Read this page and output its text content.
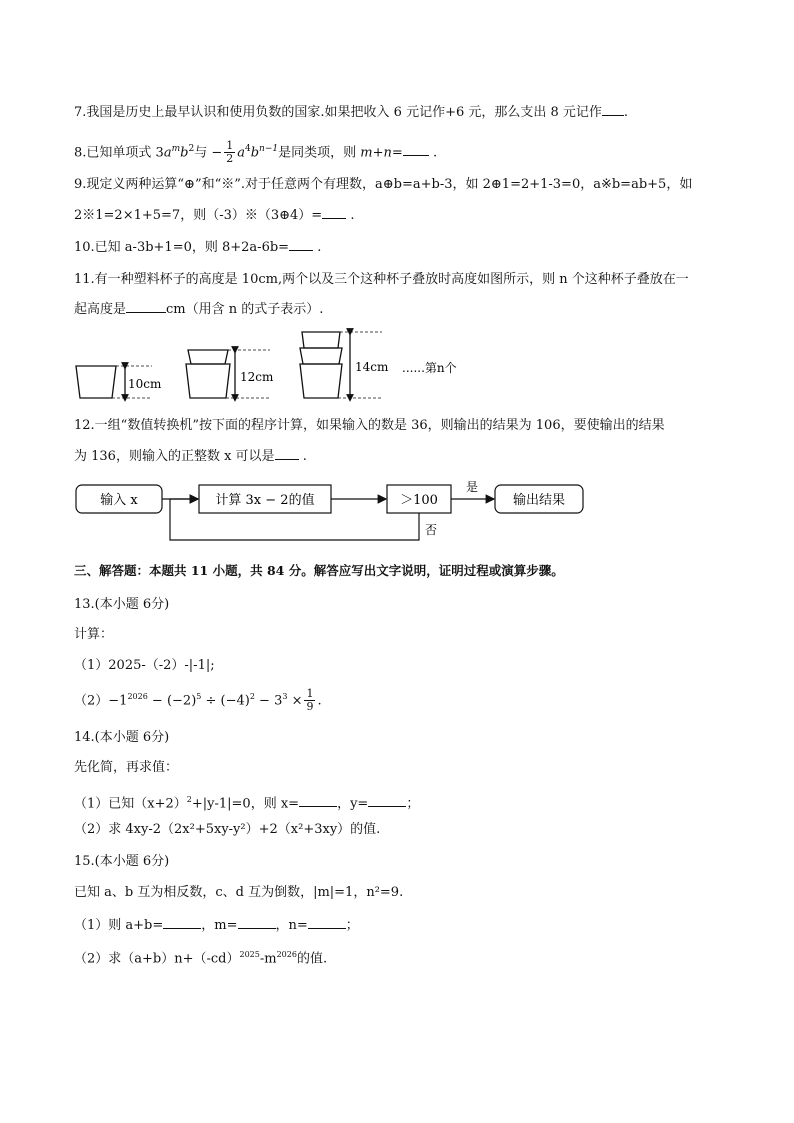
7.我国是历史上最早认识和使用负数的国家.如果把收入 6 元记作+6 元，那么支出 8 元记作 .
8.已知单项式 $3a^mb^2$与 − $\frac{1}{2} a^4b^{n-1}$是同类项，则 m+n= .
9.现定义两种运算“⊕”和“※”.对于任意两个有理数，a⊕b=a+b-3，如 2⊕1=2+1-3=0，a※b=ab+5，如
2※1=2×1+5=7，则（-3）※（3⊕4）= .
10.已知 a-3b+1=0，则 8+2a-6b= .
11.有一种塑料杯子的高度是 10cm,两个以及三个这种杯子叠放时高度如图所示，则 n 个这种杯子叠放在一
起高度是	cm（用含 n 的式子表示）.
10cm	12cm
14cm ......第n个
12.一组“数值转换机”按下面的程序计算，如果输入的数是 36，则输出的结果为 106，要使输出的结果
为 136，则输入的正整数 x 可以是 .
输入 x	计算 3x − 2的值	＞100
是
输出结果
否
三、解答题：本题共 11 小题，共 84 分。解答应写出文字说明，证明过程或演算步骤。
13.(本小题 6分)
计算：
（1）2025-（-2）-|-1|;
$(2)-1^{2026} - (-2)^5 \div (-4)^2 - 3^3 \times \frac{1}{9}$ .
14.(本小题 6分)
先化简，再求值：
（1）已知$(x+2)^2+|y-1|=0$，则 x=	，y=	；
（2）求 4xy-2（2x²+5xy-y²）+2（x²+3xy）的值.
15.(本小题 6分)
已知 a、b 互为相反数，c、d 互为倒数，|m|=1，n²=9.
（1）则 a+b=	，m=	，n=	；
（2）求$(a+b)n+(-cd)^{2025}-m^{2026}$的值.
